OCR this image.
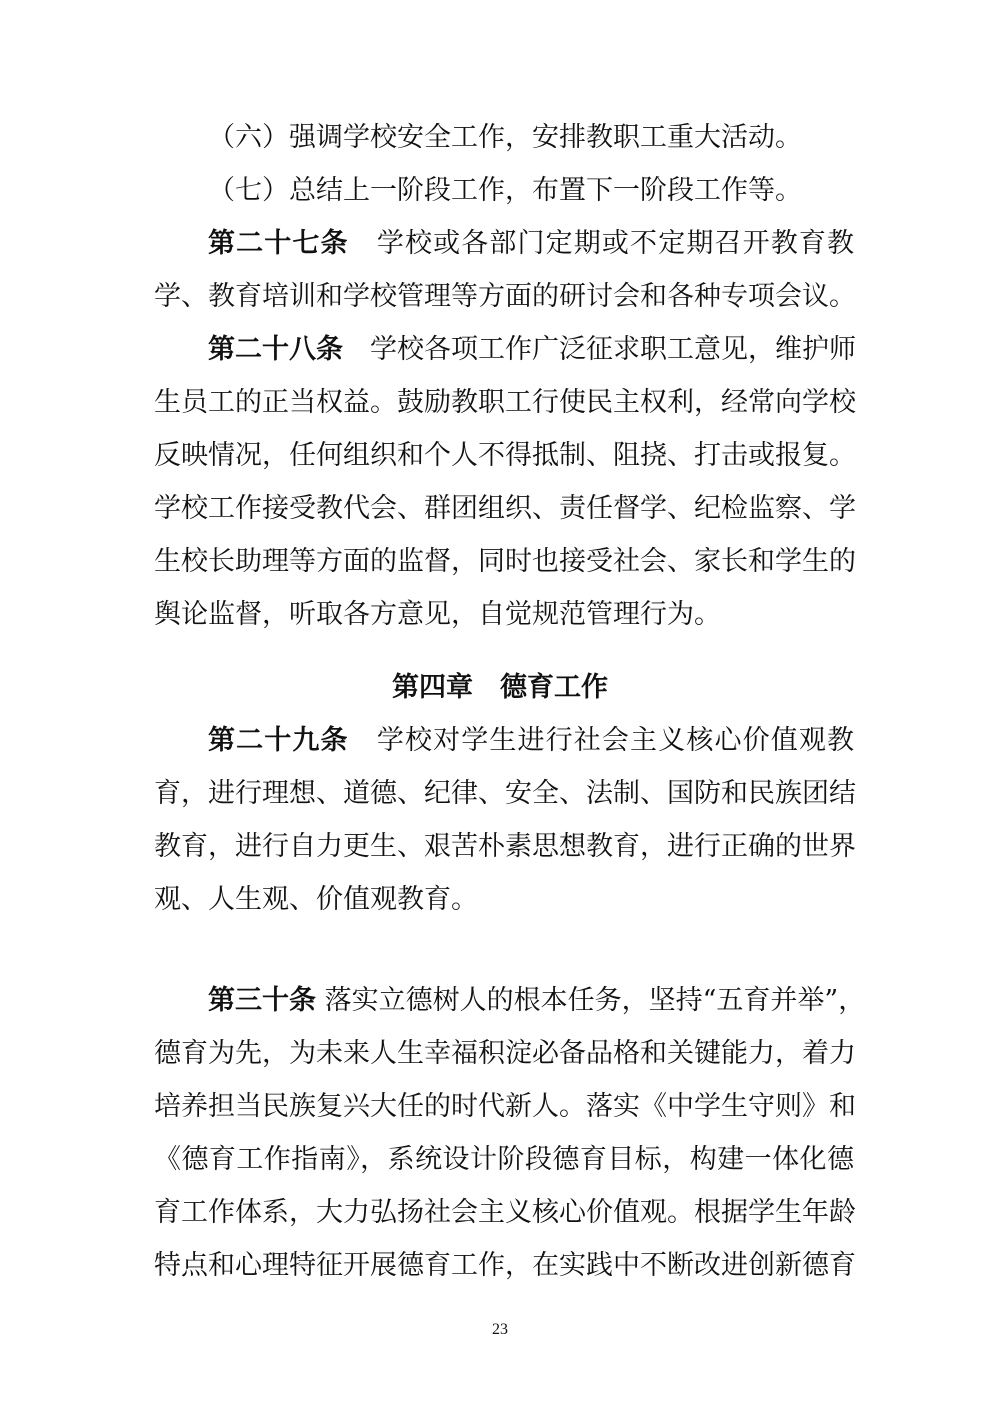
（六）强调学校安全工作，安排教职工重大活动。
（七）总结上一阶段工作，布置下一阶段工作等。
第二十七条　 学校或各部门定期或不定期召开教育教
学、教育培训和学校管理等方面的研讨会和各种专项会议。
第二十八条　 学校各项工作广泛征求职工意见，维护师
生员工的正当权益。鼓励教职工行使民主权利，经常向学校
反映情况，任何组织和个人不得抵制、阻挠、打击或报复。
学校工作接受教代会、群团组织、责任督学、纪检监察、学
生校长助理等方面的监督，同时也接受社会、家长和学生的
舆论监督，听取各方意见，自觉规范管理行为。
第四章　德育工作
第二十九条　 学校对学生进行社会主义核心价值观教
育，进行理想、道德、纪律、安全、法制、国防和民族团结
教育，进行自力更生、艰苦朴素思想教育，进行正确的世界
观、人生观、价值观教育。
第三十条 落实立德树人的根本任务，坚持“五育并举”，
德育为先，为未来人生幸福积淀必备品格和关键能力，着力
培养担当民族复兴大任的时代新人。落实《中学生守则》和
《德育工作指南》，系统设计阶段德育目标，构建一体化德
育工作体系，大力弘扬社会主义核心价值观。根据学生年龄
特点和心理特征开展德育工作，在实践中不断改进创新德育
23
